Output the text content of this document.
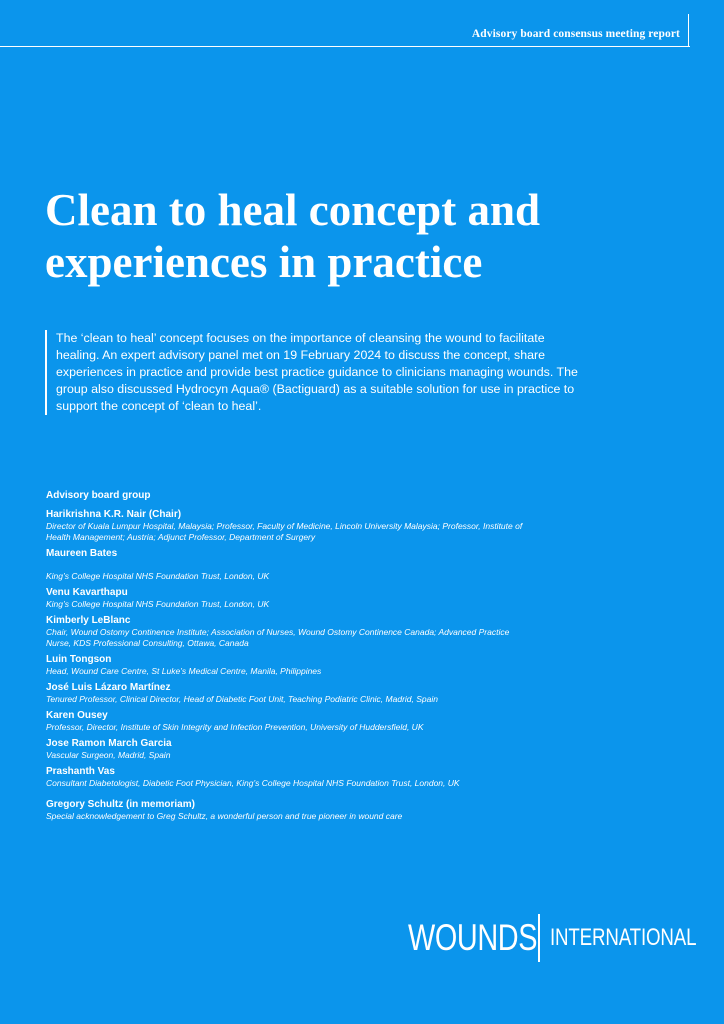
Advisory board consensus meeting report
Clean to heal concept and
experiences in practice
The ‘clean to heal’ concept focuses on the importance of cleansing the wound to facilitate
healing. An expert advisory panel met on 19 February 2024 to discuss the concept, share
experiences in practice and provide best practice guidance to clinicians managing wounds. The
group also discussed Hydrocyn Aqua® (Bactiguard) as a suitable solution for use in practice to
support the concept of ‘clean to heal’.
Advisory board group
Harikrishna K.R. Nair (Chair)
Director of Kuala Lumpur Hospital, Malaysia; Professor, Faculty of Medicine, Lincoln University Malaysia; Professor, Institute of
Health Management; Austria; Adjunct Professor, Department of Surgery
Maureen Bates

King’s College Hospital NHS Foundation Trust, London, UK
Venu Kavarthapu
King’s College Hospital NHS Foundation Trust, London, UK
Kimberly LeBlanc
Chair, Wound Ostomy Continence Institute; Association of Nurses, Wound Ostomy Continence Canada; Advanced Practice
Nurse, KDS Professional Consulting, Ottawa, Canada
Luin Tongson
Head, Wound Care Centre, St Luke’s Medical Centre, Manila, Philippines
José Luis Lázaro Martínez
Tenured Professor, Clinical Director, Head of Diabetic Foot Unit, Teaching Podiatric Clinic, Madrid, Spain
Karen Ousey
Professor, Director, Institute of Skin Integrity and Infection Prevention, University of Huddersfield, UK
Jose Ramon March Garcia
Vascular Surgeon, Madrid, Spain
Prashanth Vas
Consultant Diabetologist, Diabetic Foot Physician, King’s College Hospital NHS Foundation Trust, London, UK
Gregory Schultz (in memoriam)
Special acknowledgement to Greg Schultz, a wonderful person and true pioneer in wound care
WOUNDS INTERNATIONAL
